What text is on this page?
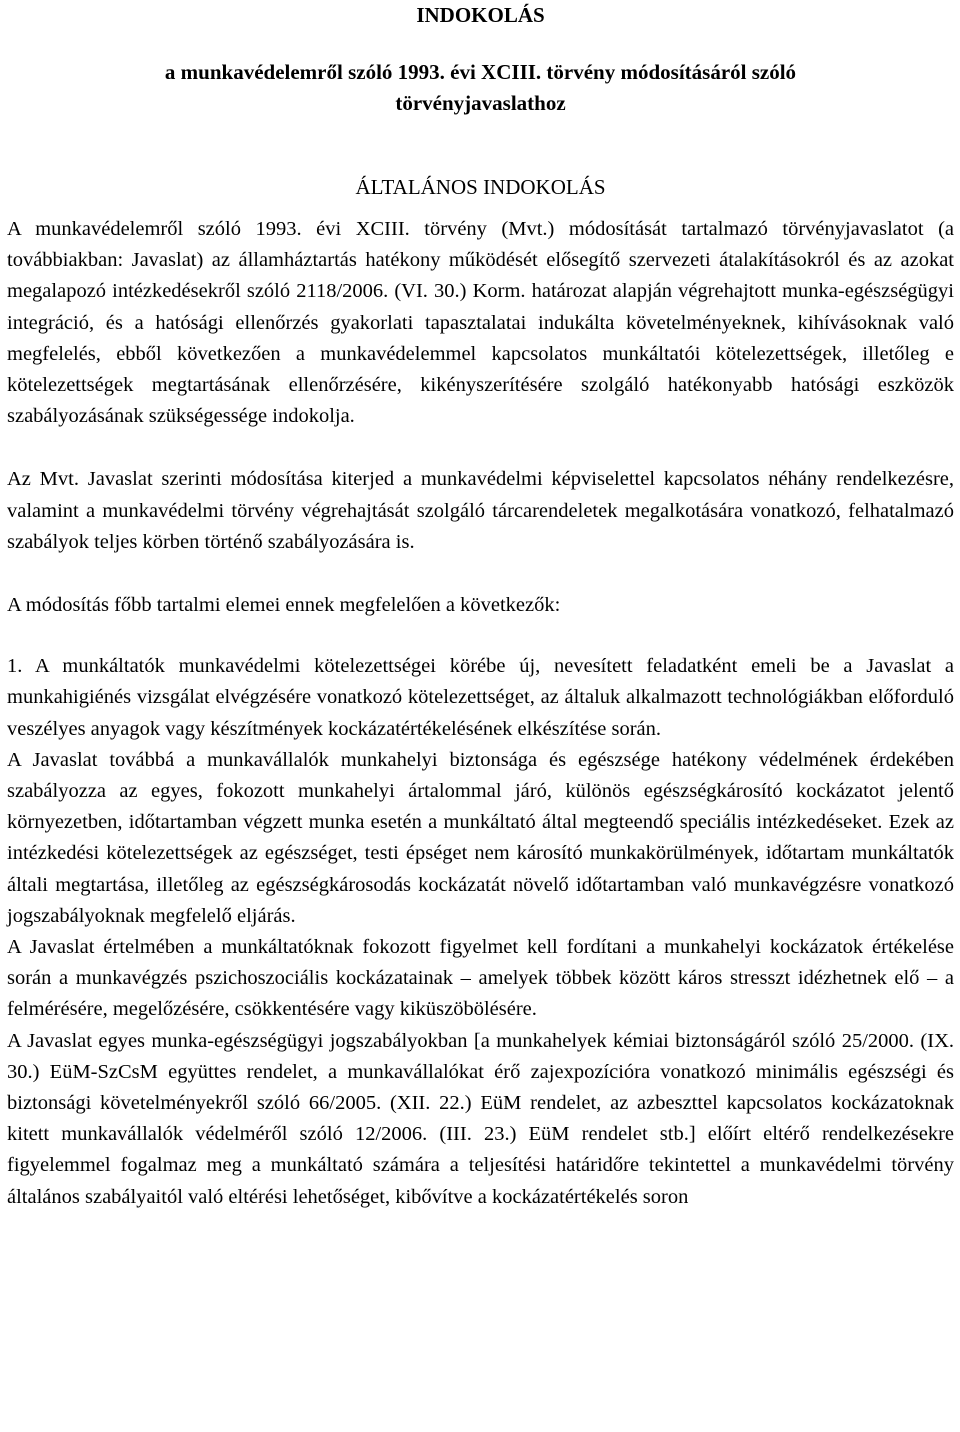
INDOKOLÁS
a munkavédelemről szóló 1993. évi XCIII. törvény módosításáról szóló
törvényjavaslathoz
ÁLTALÁNOS INDOKOLÁS

A munkavédelemről szóló 1993. évi XCIII. törvény (Mvt.) módosítását tartalmazó törvényjavaslatot (a továbbiakban: Javaslat) az államháztartás hatékony működését elősegítő szervezeti átalakításokról és az azokat megalapozó intézkedésekről szóló 2118/2006. (VI. 30.) Korm. határozat alapján végrehajtott munka-egészségügyi integráció, és a hatósági ellenőrzés gyakorlati tapasztalatai indukálta követelményeknek, kihívásoknak való megfelelés, ebből következően a munkavédelemmel kapcsolatos munkáltatói kötelezettségek, illetőleg e kötelezettségek megtartásának ellenőrzésére, kikényszerítésére szolgáló hatékonyabb hatósági eszközök szabályozásának szükségessége indokolja.

Az Mvt. Javaslat szerinti módosítása kiterjed a munkavédelmi képviselettel kapcsolatos néhány rendelkezésre, valamint a munkavédelmi törvény végrehajtását szolgáló tárcarendeletek megalkotására vonatkozó, felhatalmazó szabályok teljes körben történő szabályozására is.

A módosítás főbb tartalmi elemei ennek megfelelően a következők:

1. A munkáltatók munkavédelmi kötelezettségei körébe új, nevesített feladatként emeli be a Javaslat a munkahigiénés vizsgálat elvégzésére vonatkozó kötelezettséget, az általuk alkalmazott technológiákban előforduló veszélyes anyagok vagy készítmények kockázatértékelésének elkészítése során.

A Javaslat továbbá a munkavállalók munkahelyi biztonsága és egészsége hatékony védelmének érdekében szabályozza az egyes, fokozott munkahelyi ártalommal járó, különös egészségkárosító kockázatot jelentő környezetben, időtartamban végzett munka esetén a munkáltató által megteendő speciális intézkedéseket. Ezek az intézkedési kötelezettségek az egészséget, testi épséget nem károsító munkakörülmények, időtartam munkáltatók általi megtartása, illetőleg az egészségkárosodás kockázatát növelő időtartamban való munkavégzésre vonatkozó jogszabályoknak megfelelő eljárás.

A Javaslat értelmében a munkáltatóknak fokozott figyelmet kell fordítani a munkahelyi kockázatok értékelése során a munkavégzés pszichoszociális kockázatainak – amelyek többek között káros stresszt idézhetnek elő – a felmérésére, megelőzésére, csökkentésére vagy kiküszöbölésére.

A Javaslat egyes munka-egészségügyi jogszabályokban [a munkahelyek kémiai biztonságáról szóló 25/2000. (IX. 30.) EüM-SzCsM együttes rendelet, a munkavállalókat érő zajexpozícióra vonatkozó minimális egészségi és biztonsági követelményekről szóló 66/2005. (XII. 22.) EüM rendelet, az azbeszttel kapcsolatos kockázatoknak kitett munkavállalók védelméről szóló 12/2006. (III. 23.) EüM rendelet stb.] előírt eltérő rendelkezésekre figyelemmel fogalmaz meg a munkáltató számára a teljesítési határidőre tekintettel a munkavédelmi törvény általános szabályaitól való eltérési lehetőséget, kibővítve a kockázatértékelés soron
